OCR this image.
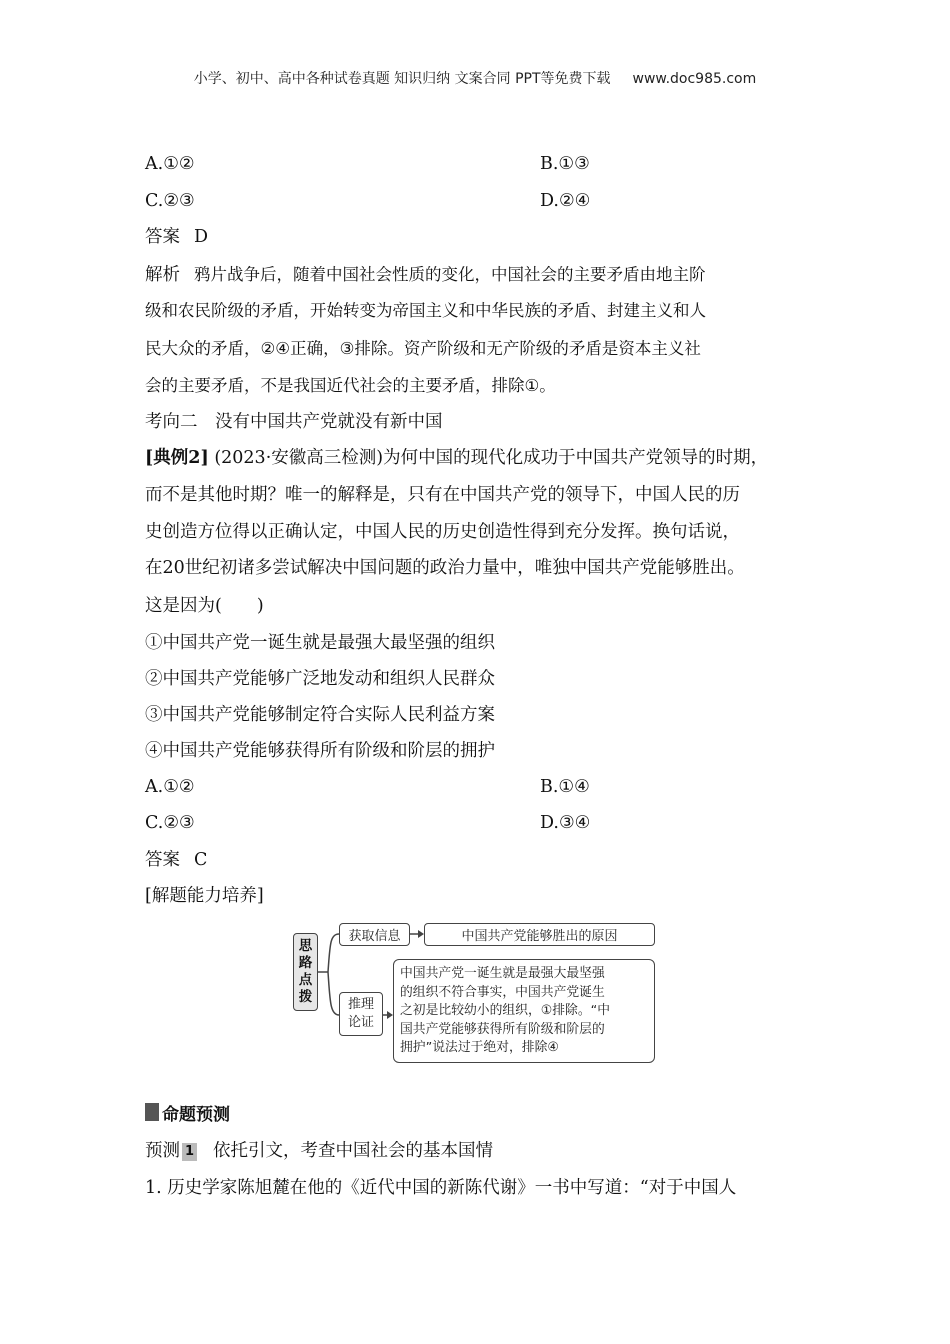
小学、初中、高中各种试卷真题 知识归纳 文案合同 PPT等免费下载 www.doc985.com
A.①②	B.①③
C.②③	D.②④
答案 D
解析 鸦片战争后，随着中国社会性质的变化，中国社会的主要矛盾由地主阶
级和农民阶级的矛盾，开始转变为帝国主义和中华民族的矛盾、封建主义和人
民大众的矛盾，②④正确，③排除。资产阶级和无产阶级的矛盾是资本主义社
会的主要矛盾，不是我国近代社会的主要矛盾，排除①。
考向二　没有中国共产党就没有新中国
[典例2] (2023·安徽高三检测)为何中国的现代化成功于中国共产党领导的时期，
而不是其他时期？唯一的解释是，只有在中国共产党的领导下，中国人民的历
史创造方位得以正确认定，中国人民的历史创造性得到充分发挥。换句话说，
在20世纪初诸多尝试解决中国问题的政治力量中，唯独中国共产党能够胜出。
这是因为(　　)
①中国共产党一诞生就是最强大最坚强的组织
②中国共产党能够广泛地发动和组织人民群众
③中国共产党能够制定符合实际人民利益方案
④中国共产党能够获得所有阶级和阶层的拥护
A.①②	B.①④
C.②③	D.③④
答案 C
[解题能力培养]
思
路
点
拨
获取信息	中国共产党能够胜出的原因
推理
论证
中国共产党一诞生就是最强大最坚强
的组织不符合事实，中国共产党诞生
之初是比较幼小的组织，①排除。“中
国共产党能够获得所有阶级和阶层的
拥护”说法过于绝对，排除④
命题预测
预测 1 依托引文，考查中国社会的基本国情
1. 历史学家陈旭麓在他的《近代中国的新陈代谢》一书中写道：“对于中国人
